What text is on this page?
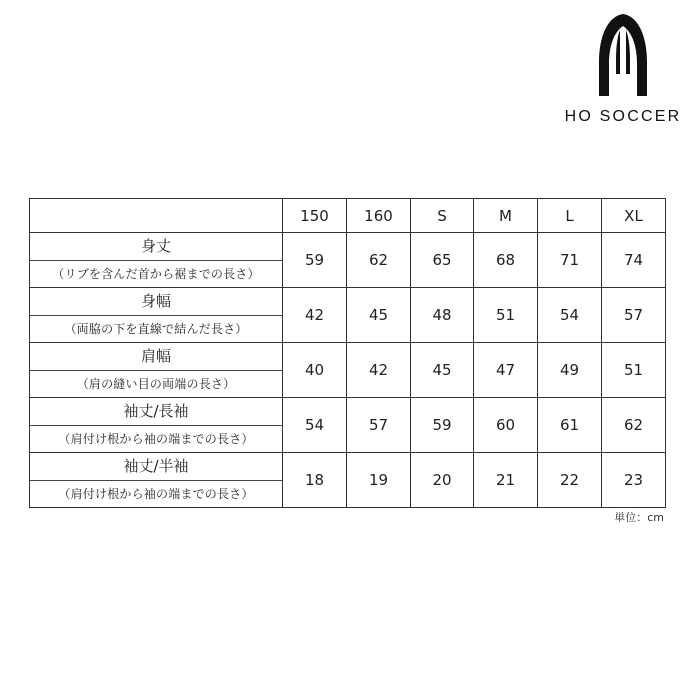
HO SOCCER
	150	160	S	M	L	XL

身丈
（リブを含んだ首から裾までの長さ）	59	62	65	68	71	74

身幅
（両脇の下を直線で結んだ長さ）	42	45	48	51	54	57

肩幅
（肩の縫い目の両端の長さ）	40	42	45	47	49	51

袖丈/長袖
（肩付け根から袖の端までの長さ）	54	57	59	60	61	62

袖丈/半袖
（肩付け根から袖の端までの長さ）	18	19	20	21	22	23
単位：cm
